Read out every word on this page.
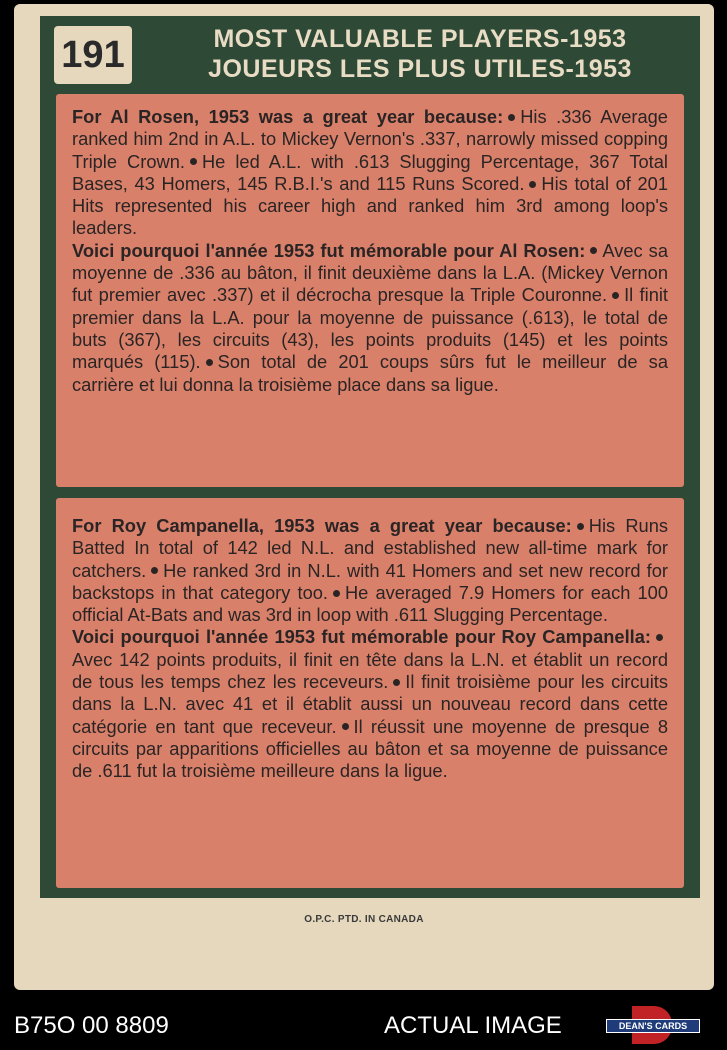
191	MOST VALUABLE PLAYERS-1953
JOUEURS LES PLUS UTILES-1953

For Al Rosen, 1953 was a great year because: His .336 Average ranked him 2nd in A.L. to Mickey Vernon's .337, narrowly missed copping Triple Crown. He led A.L. with .613 Slugging Percentage, 367 Total Bases, 43 Homers, 145 R.B.I.'s and 115 Runs Scored. His total of 201 Hits represented his career high and ranked him 3rd among loop's leaders.

Voici pourquoi l'année 1953 fut mémorable pour Al Rosen: Avec sa moyenne de .336 au bâton, il finit deuxième dans la L.A. (Mickey Vernon fut premier avec .337) et il décrocha presque la Triple Couronne. Il finit premier dans la L.A. pour la moyenne de puissance (.613), le total de buts (367), les circuits (43), les points produits (145) et les points marqués (115). Son total de 201 coups sûrs fut le meilleur de sa carrière et lui donna la troisième place dans sa ligue.

For Roy Campanella, 1953 was a great year because: His Runs Batted In total of 142 led N.L. and established new all-time mark for catchers. He ranked 3rd in N.L. with 41 Homers and set new record for backstops in that category too. He averaged 7.9 Homers for each 100 official At-Bats and was 3rd in loop with .611 Slugging Percentage.

Voici pourquoi l'année 1953 fut mémorable pour Roy Campanella:Avec 142 points produits, il finit en tête dans la L.N. et établit un record de tous les temps chez les receveurs. Il finit troisième pour les circuits dans la L.N. avec 41 et il établit aussi un nouveau record dans cette catégorie en tant que receveur. Il réussit une moyenne de presque 8 circuits par apparitions officielles au bâton et sa moyenne de puissance de .611 fut la troisième meilleure dans la ligue.

O.P.C. PTD. IN CANADA
B75O 00 8809	ACTUAL IMAGE	DEAN'S CARDS
